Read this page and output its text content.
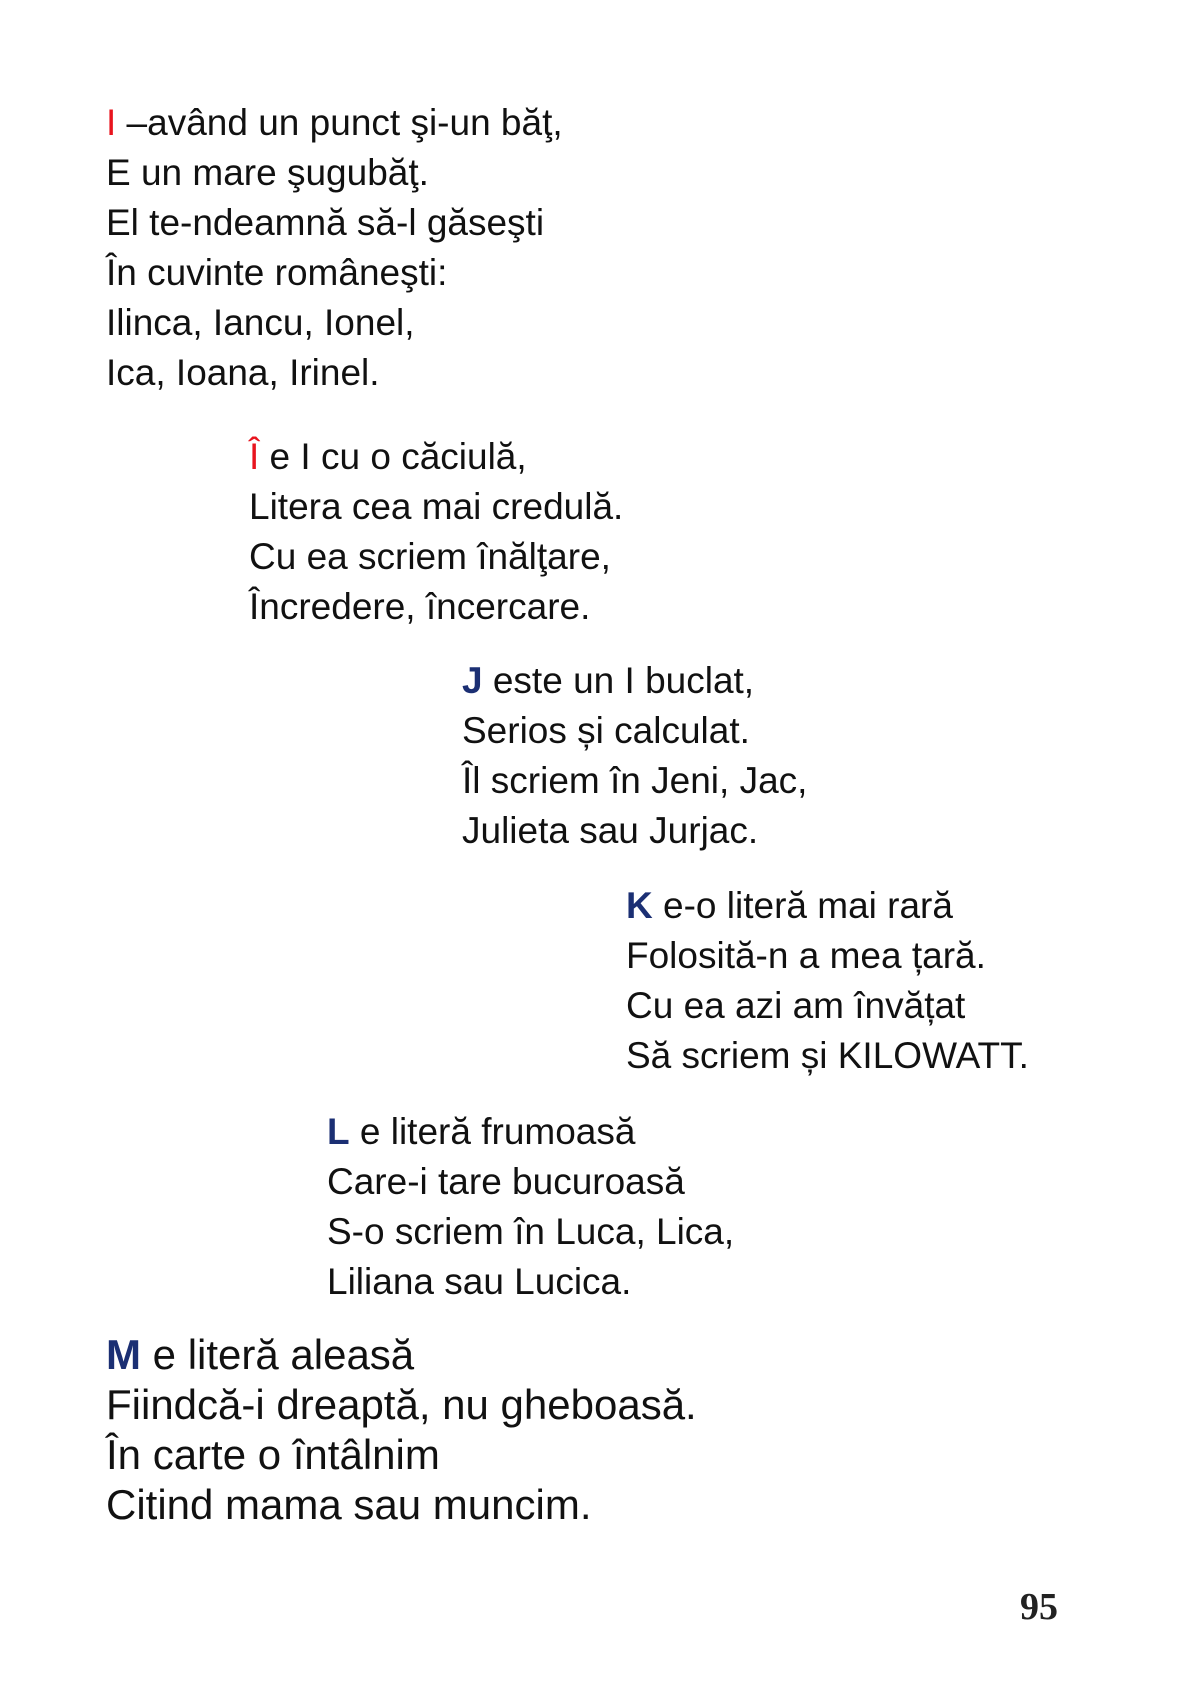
I –având un punct şi-un băţ,
E un mare şugubăţ.
El te-ndeamnă să-l găseşti
În cuvinte româneşti:
Ilinca, Iancu, Ionel,
Ica, Ioana, Irinel.
Î e I cu o căciulă,
Litera cea mai credulă.
Cu ea scriem înălţare,
Încredere, încercare.
J este un I buclat,
Serios și calculat.
Îl scriem în Jeni, Jac,
Julieta sau Jurjac.
K e-o literă mai rară
Folosită-n a mea țară.
Cu ea azi am învățat
Să scriem și KILOWATT.
L e literă frumoasă
Care-i tare bucuroasă
S-o scriem în Luca, Lica,
Liliana sau Lucica.
M e literă aleasă
Fiindcă-i dreaptă, nu gheboasă.
În carte o întâlnim
Citind mama sau muncim.
95
